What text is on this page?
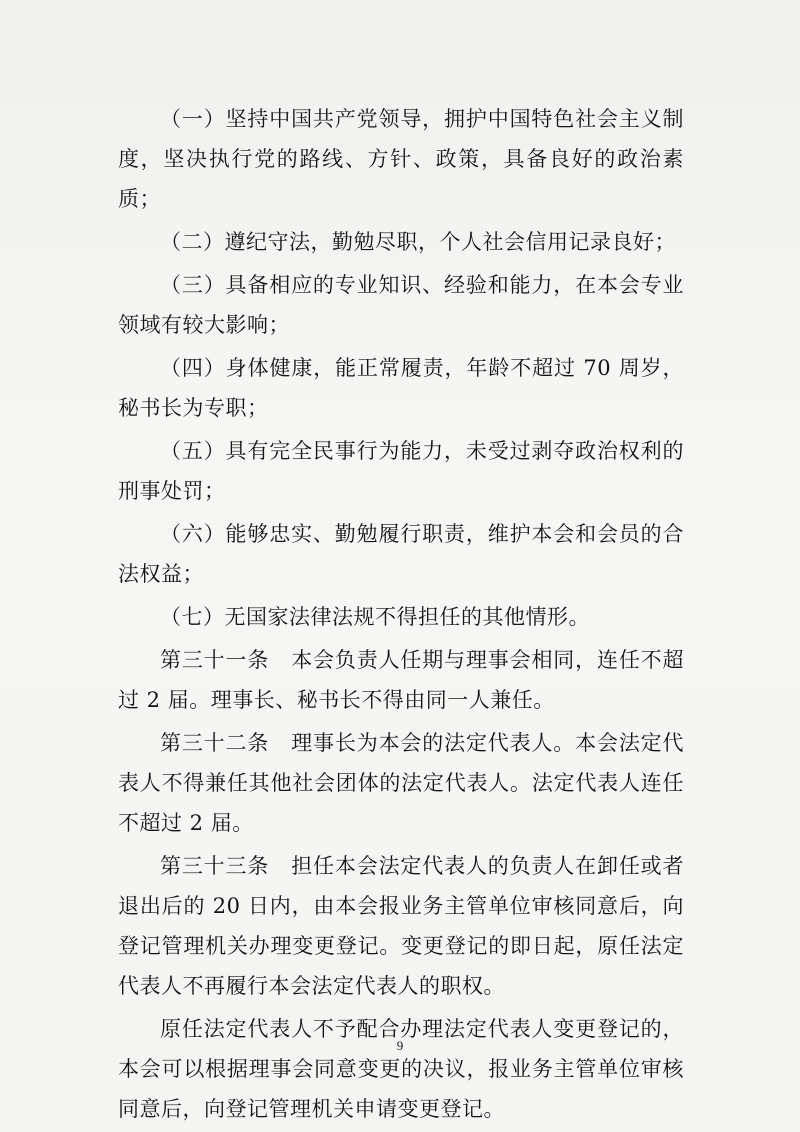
（一）坚持中国共产党领导，拥护中国特色社会主义制度，坚决执行党的路线、方针、政策，具备良好的政治素质；

（二）遵纪守法，勤勉尽职，个人社会信用记录良好；

（三）具备相应的专业知识、经验和能力，在本会专业领域有较大影响；

（四）身体健康，能正常履责，年龄不超过 70 周岁，秘书长为专职；

（五）具有完全民事行为能力，未受过剥夺政治权利的刑事处罚；

（六）能够忠实、勤勉履行职责，维护本会和会员的合法权益；

（七）无国家法律法规不得担任的其他情形。

第三十一条 本会负责人任期与理事会相同，连任不超过 2 届。理事长、秘书长不得由同一人兼任。

第三十二条 理事长为本会的法定代表人。本会法定代表人不得兼任其他社会团体的法定代表人。法定代表人连任不超过 2 届。

第三十三条 担任本会法定代表人的负责人在卸任或者退出后的 20 日内，由本会报业务主管单位审核同意后，向登记管理机关办理变更登记。变更登记的即日起，原任法定代表人不再履行本会法定代表人的职权。

原任法定代表人不予配合办理法定代表人变更登记的，本会可以根据理事会同意变更的决议，报业务主管单位审核同意后，向登记管理机关申请变更登记。

9
